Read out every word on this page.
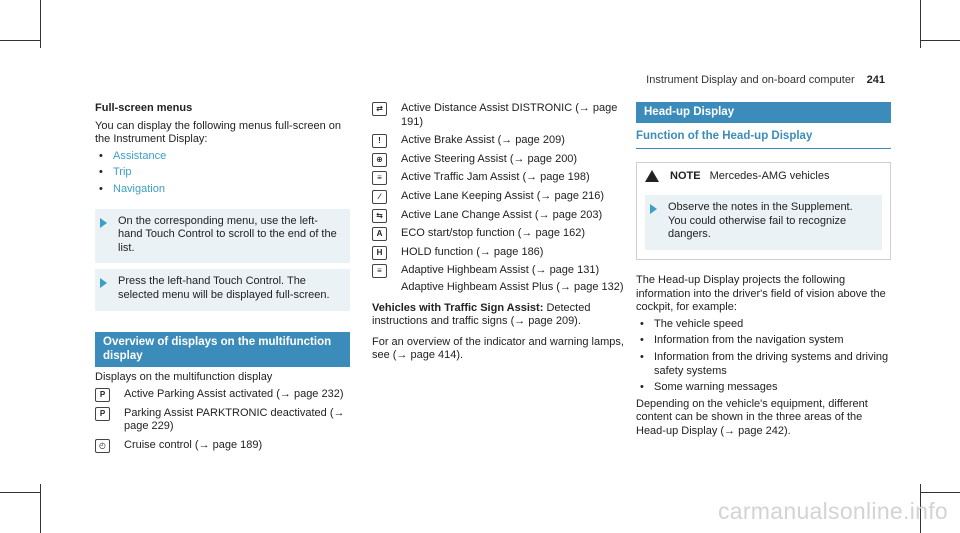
Instrument Display and on-board computer 241

Full-screen menus

You can display the following menus full-screen on the Instrument Display:

• Assistance
• Trip
• Navigation
On the corresponding menu, use the left-hand Touch Control to scroll to the end of the list.
Press the left-hand Touch Control. The selected menu will be displayed full-screen.
Overview of displays on the multifunction display

Displays on the multifunction display

P	Active Parking Assist activated (→ page 232)
P	Parking Assist PARKTRONIC deactivated (→ page 229)
◴	Cruise control (→ page 189)
⇄	Active Distance Assist DISTRONIC (→ page 191)
!	Active Brake Assist (→ page 209)
⊕	Active Steering Assist (→ page 200)
≡	Active Traffic Jam Assist (→ page 198)
∕	Active Lane Keeping Assist (→ page 216)
⇆	Active Lane Change Assist (→ page 203)
A	ECO start/stop function (→ page 162)
H	HOLD function (→ page 186)
≡	Adaptive Highbeam Assist (→ page 131)

Adaptive Highbeam Assist Plus (→ page 132)

Vehicles with Traffic Sign Assist: Detected instructions and traffic signs (→ page 209).

For an overview of the indicator and warning lamps, see (→ page 414).

Head-up Display
Function of the Head-up Display
! NOTE Mercedes-AMG vehicles
Observe the notes in the Supplement. You could otherwise fail to recognize dangers.

The Head-up Display projects the following information into the driver's field of vision above the cockpit, for example:

• The vehicle speed
• Information from the navigation system
• Information from the driving systems and driving safety systems
• Some warning messages

Depending on the vehicle's equipment, different content can be shown in the three areas of the Head-up Display (→ page 242).

carmanualsonline.info
